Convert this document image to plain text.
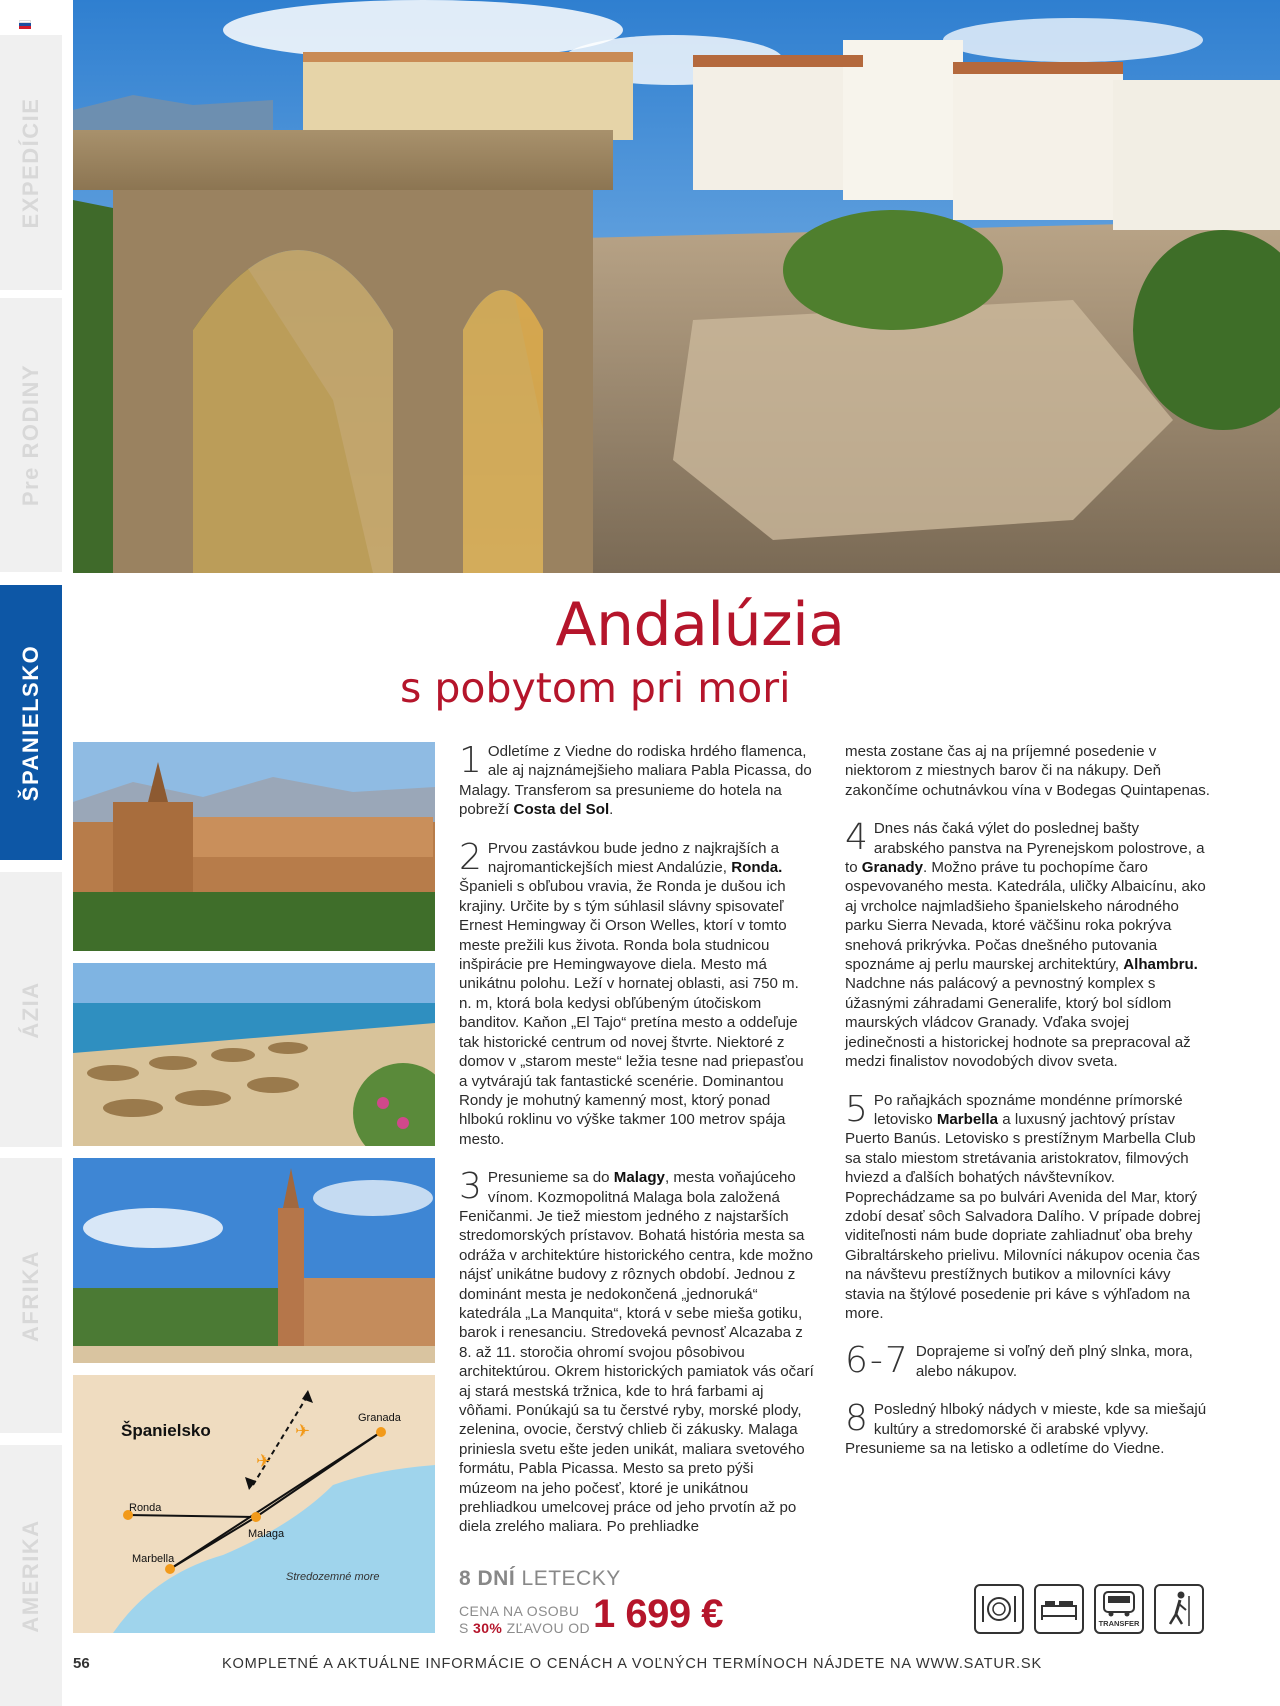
EXPEDÍCIE
Pre RODINY
ŠPANIELSKO
ÁZIA
AFRIKA
AMERIKA
Andalúzia
s pobytom pri mori
✈
✈
Španielsko
Granada
Ronda
Malaga
Marbella
Stredozemné more
1 Odletíme z Viedne do rodiska hrdého flamenca, ale aj najznámejšieho maliara Pabla Picassa, do Malagy. Transferom sa presunieme do hotela na pobreží Costa del Sol.
2 Prvou zastávkou bude jedno z najkrajších a najromantickejších miest Andalúzie, Ronda. Španieli s obľubou vravia, že Ronda je dušou ich krajiny. Určite by s tým súhlasil slávny spisovateľ Ernest Hemingway či Orson Welles, ktorí v tomto meste prežili kus života. Ronda bola studnicou inšpirácie pre Hemingwayove diela. Mesto má unikátnu polohu. Leží v hornatej oblasti, asi 750 m. n. m, ktorá bola kedysi obľúbeným útočiskom banditov. Kaňon „El Tajo“ pretína mesto a oddeľuje tak historické centrum od novej štvrte. Niektoré z domov v „starom meste“ ležia tesne nad priepasťou a vytvárajú tak fantastické scenérie. Dominantou Rondy je mohutný kamenný most, ktorý ponad hlbokú roklinu vo výške takmer 100 metrov spája mesto.
3 Presunieme sa do Malagy, mesta voňajúceho vínom. Kozmopolitná Malaga bola založená Feničanmi. Je tiež miestom jedného z najstarších stredomorských prístavov. Bohatá história mesta sa odráža v architektúre historického centra, kde možno nájsť unikátne budovy z rôznych období. Jednou z dominánt mesta je nedokončená „jednoruká“ katedrála „La Manquita“, ktorá v sebe mieša gotiku, barok i renesanciu. Stredoveká pevnosť Alcazaba z 8. až 11. storočia ohromí svojou pôsobivou architektúrou. Okrem historických pamiatok vás očarí aj stará mestská tržnica, kde to hrá farbami aj vôňami. Ponúkajú sa tu čerstvé ryby, morské plody, zelenina, ovocie, čerstvý chlieb či zákusky. Malaga priniesla svetu ešte jeden unikát, maliara svetového formátu, Pabla Picassa. Mesto sa preto pýši múzeom na jeho počesť, ktoré je unikátnou prehliadkou umelcovej práce od jeho prvotín až po diela zrelého maliara. Po prehliadke
mesta zostane čas aj na príjemné posedenie v niektorom z miestnych barov či na nákupy. Deň zakončíme ochutnávkou vína v Bodegas Quintapenas.
4 Dnes nás čaká výlet do poslednej bašty arabského panstva na Pyrenejskom polostrove, a to Granady. Možno práve tu pochopíme čaro ospevovaného mesta. Katedrála, uličky Albaicínu, ako aj vrcholce najmladšieho španielskeho národného parku Sierra Nevada, ktoré väčšinu roka pokrýva snehová prikrývka. Počas dnešného putovania spoznáme aj perlu maurskej architektúry, Alhambru. Nadchne nás palácový a pevnostný komplex s úžasnými záhradami Generalife, ktorý bol sídlom maurských vládcov Granady. Vďaka svojej jedinečnosti a historickej hodnote sa prepracoval až medzi finalistov novodobých divov sveta.
5 Po raňajkách spoznáme mondénne prímorské letovisko Marbella a luxusný jachtový prístav Puerto Banús. Letovisko s prestížnym Marbella Club sa stalo miestom stretávania aristokratov, filmových hviezd a ďalších bohatých návštevníkov. Poprechádzame sa po bulvári Avenida del Mar, ktorý zdobí desať sôch Salvadora Dalího. V prípade dobrej viditeľnosti nám bude dopriate zahliadnuť oba brehy Gibraltárskeho prielivu. Milovníci nákupov ocenia čas na návštevu prestížnych butikov a milovníci kávy stavia na štýlové posedenie pri káve s výhľadom na more.
6-7 Doprajeme si voľný deň plný slnka, mora, alebo nákupov.
8 Posledný hlboký nádych v mieste, kde sa miešajú kultúry a stredomorské či arabské vplyvy. Presunieme sa na letisko a odletíme do Viedne.
8 DNÍ LETECKY
CENA NA OSOBU
S 30% ZĽAVOU OD 1 699 €	TRANSFER
56	KOMPLETNÉ A AKTUÁLNE INFORMÁCIE O CENÁCH A VOĽNÝCH TERMÍNOCH NÁJDETE NA WWW.SATUR.SK
